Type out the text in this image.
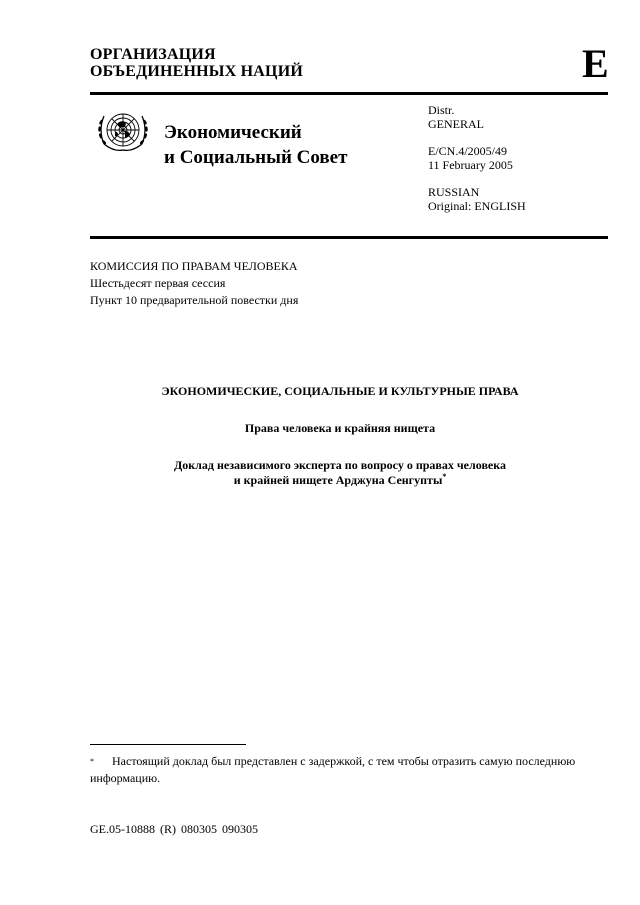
ОРГАНИЗАЦИЯ
ОБЪЕДИНЕННЫХ НАЦИЙ	E
Экономический
и Социальный Совет
Distr.
GENERAL
E/CN.4/2005/49
11 February 2005
RUSSIAN
Original: ENGLISH
КОМИССИЯ ПО ПРАВАМ ЧЕЛОВЕКА
Шестьдесят первая сессия
Пункт 10 предварительной повестки дня
ЭКОНОМИЧЕСКИЕ, СОЦИАЛЬНЫЕ И КУЛЬТУРНЫЕ ПРАВА
Права человека и крайняя нищета
Доклад независимого эксперта по вопросу о правах человека
и крайней нищете Арджуна Сенгупты*
* Настоящий доклад был представлен с задержкой, с тем чтобы отразить самую последнюю информацию.
GE.05-10888 (R) 080305 090305
